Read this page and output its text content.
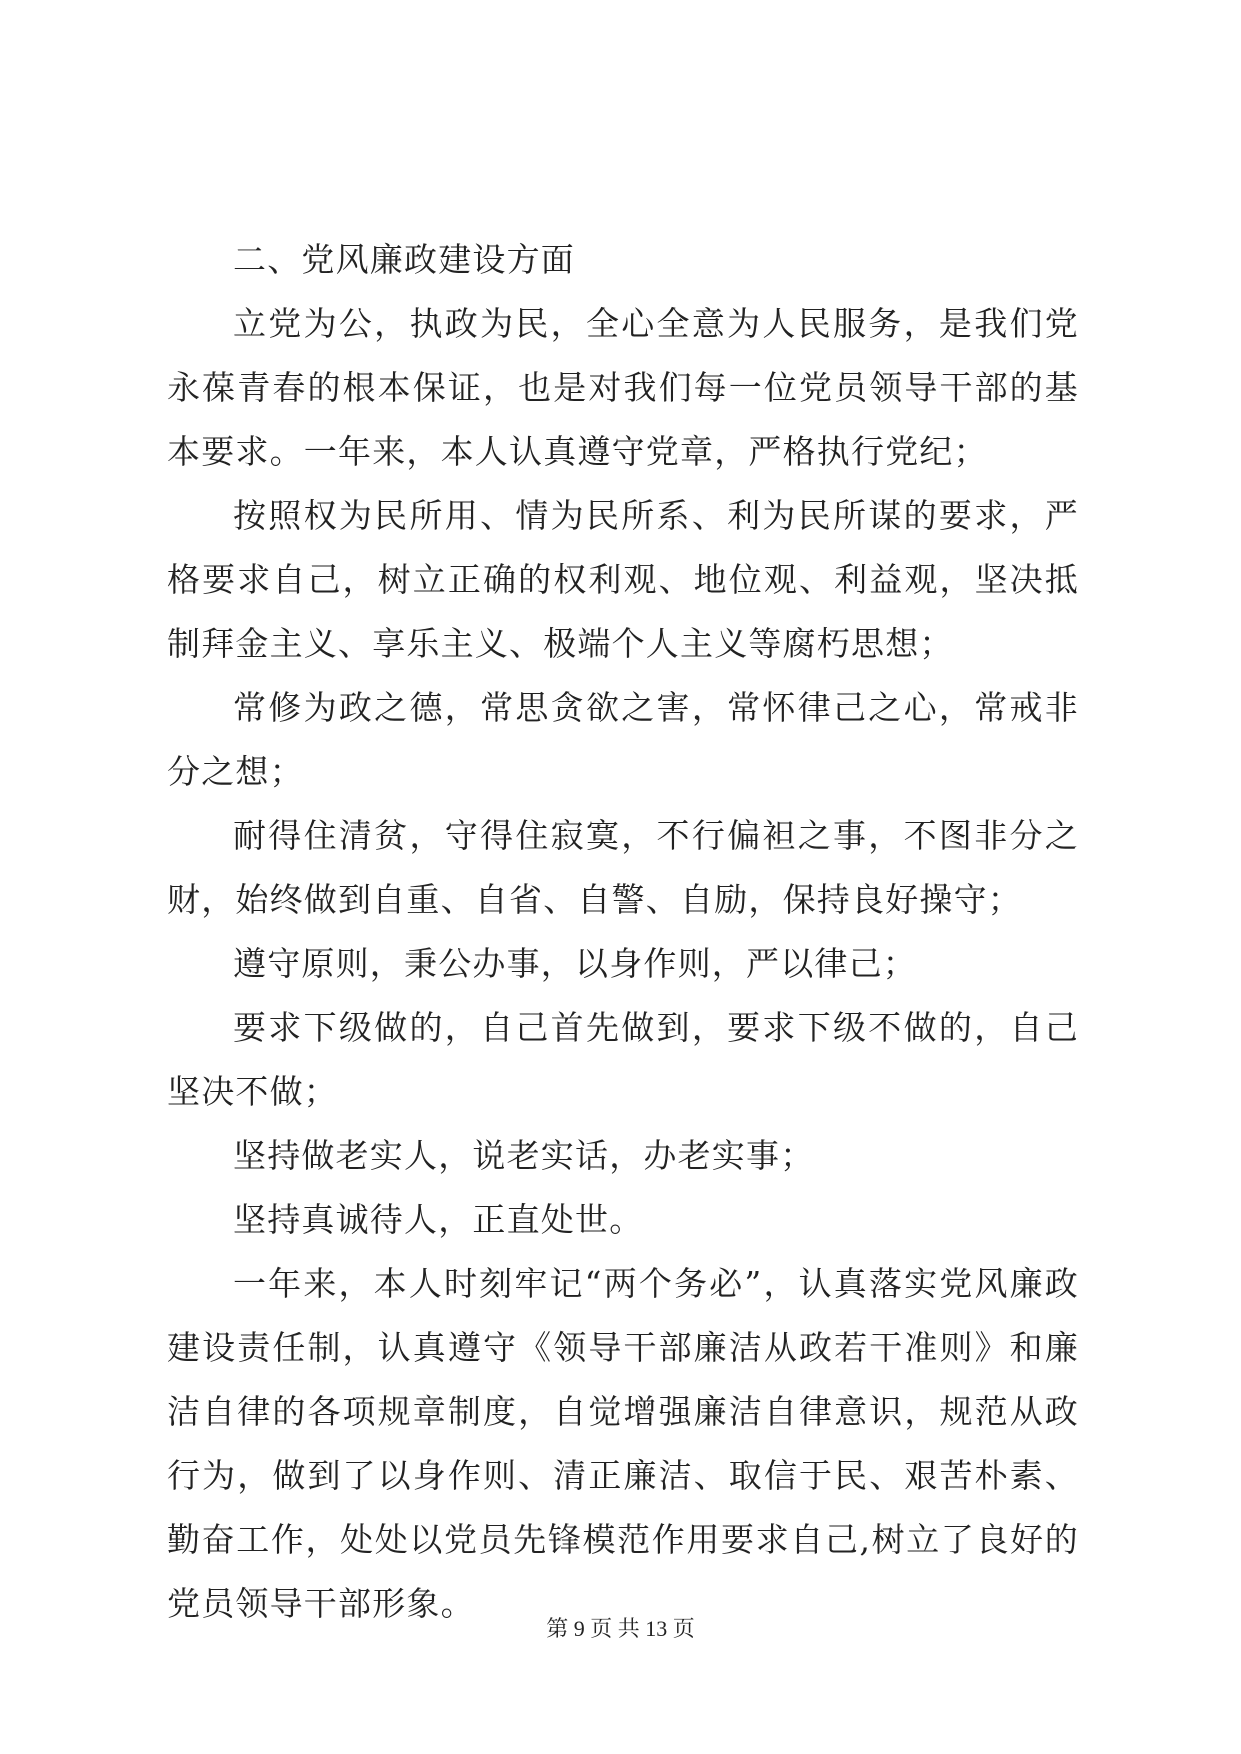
二、党风廉政建设方面

立党为公，执政为民，全心全意为人民服务，是我们党永葆青春的根本保证，也是对我们每一位党员领导干部的基本要求。一年来，本人认真遵守党章，严格执行党纪；

按照权为民所用、情为民所系、利为民所谋的要求，严格要求自己，树立正确的权利观、地位观、利益观，坚决抵制拜金主义、享乐主义、极端个人主义等腐朽思想；

常修为政之德，常思贪欲之害，常怀律己之心，常戒非分之想；

耐得住清贫，守得住寂寞，不行偏袒之事，不图非分之财，始终做到自重、自省、自警、自励，保持良好操守；

遵守原则，秉公办事，以身作则，严以律己；

要求下级做的，自己首先做到，要求下级不做的，自己坚决不做；

坚持做老实人，说老实话，办老实事；

坚持真诚待人，正直处世。

一年来，本人时刻牢记“两个务必”，认真落实党风廉政建设责任制，认真遵守《领导干部廉洁从政若干准则》和廉洁自律的各项规章制度，自觉增强廉洁自律意识，规范从政行为，做到了以身作则、清正廉洁、取信于民、艰苦朴素、勤奋工作，处处以党员先锋模范作用要求自己,树立了良好的党员领导干部形象。

第 9 页 共 13 页
